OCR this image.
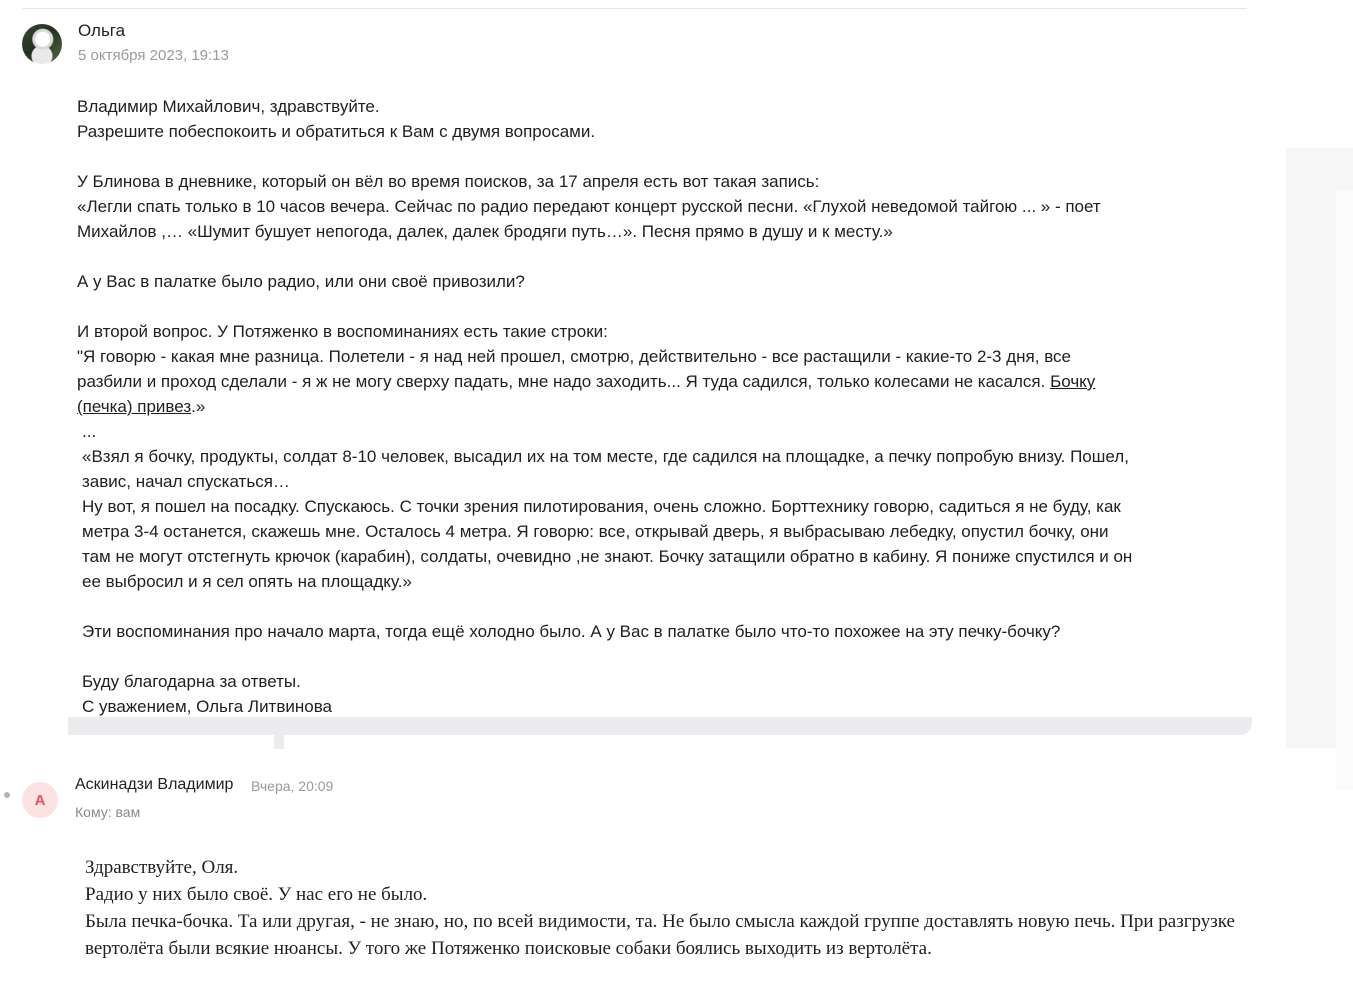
Ольга
5 октября 2023, 19:13

Владимир Михайлович, здравствуйте.

Разрешите побеспокоить и обратиться к Вам с двумя вопросами.

У Блинова в дневнике, который он вёл во время поисков, за 17 апреля есть вот такая запись:

«Легли спать только в 10 часов вечера. Сейчас по радио передают концерт русской песни. «Глухой неведомой тайгою ... » - поет

Михайлов ,… «Шумит бушует непогода, далек, далек бродяги путь…». Песня прямо в душу и к месту.»

А у Вас в палатке было радио, или они своё привозили?

И второй вопрос. У Потяженко в воспоминаниях есть такие строки:

"Я говорю - какая мне разница. Полетели - я над ней прошел, смотрю, действительно - все растащили - какие-то 2-3 дня, все

разбили и проход сделали - я ж не могу сверху падать, мне надо заходить... Я туда садился, только колесами не касался. Бочку

(печка) привез.»

...

«Взял я бочку, продукты, солдат 8-10 человек, высадил их на том месте, где садился на площадке, а печку попробую внизу. Пошел,

завис, начал спускаться…

Ну вот, я пошел на посадку. Спускаюсь. С точки зрения пилотирования, очень сложно. Борттехнику говорю, садиться я не буду, как

метра 3-4 останется, скажешь мне. Осталось 4 метра. Я говорю: все, открывай дверь, я выбрасываю лебедку, опустил бочку, они

там не могут отстегнуть крючок (карабин), солдаты, очевидно ,не знают. Бочку затащили обратно в кабину. Я пониже спустился и он

ее выбросил и я сел опять на площадку.»

Эти воспоминания про начало марта, тогда ещё холодно было. А у Вас в палатке было что-то похожее на эту печку-бочку?

Буду благодарна за ответы.

С уважением, Ольга Литвинова

А
Аскинадзи Владимир Вчера, 20:09
Кому: вам

Здравствуйте, Оля.

Радио у них было своё. У нас его не было.

Была печка-бочка. Та или другая, - не знаю, но, по всей видимости, та. Не было смысла каждой группе доставлять новую печь. При разгрузке

вертолёта были всякие нюансы. У того же Потяженко поисковые собаки боялись выходить из вертолёта.
